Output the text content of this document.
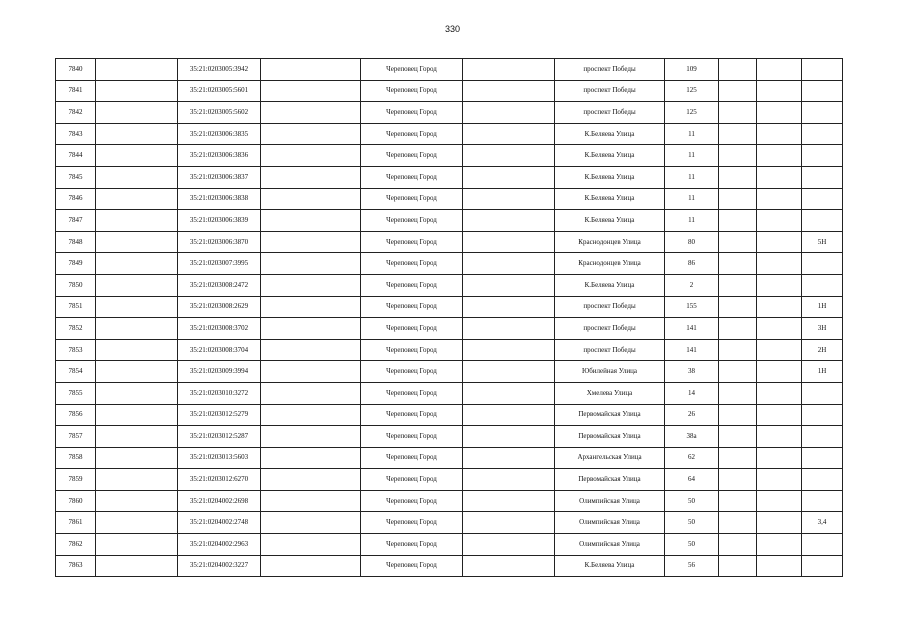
330
7840		35:21:0203005:3942		Череповец Город		проспект Победы	109			
7841		35:21:0203005:5601		Череповец Город		проспект Победы	125			
7842		35:21:0203005:5602		Череповец Город		проспект Победы	125			
7843		35:21:0203006:3835		Череповец Город		К.Беляева Улица	11			
7844		35:21:0203006:3836		Череповец Город		К.Беляева Улица	11			
7845		35:21:0203006:3837		Череповец Город		К.Беляева Улица	11			
7846		35:21:0203006:3838		Череповец Город		К.Беляева Улица	11			
7847		35:21:0203006:3839		Череповец Город		К.Беляева Улица	11			
7848		35:21:0203006:3870		Череповец Город		Краснодонцев Улица	80			5Н
7849		35:21:0203007:3995		Череповец Город		Краснодонцев Улица	86			
7850		35:21:0203008:2472		Череповец Город		К.Беляева Улица	2			
7851		35:21:0203008:2629		Череповец Город		проспект Победы	155			1Н
7852		35:21:0203008:3702		Череповец Город		проспект Победы	141			3Н
7853		35:21:0203008:3704		Череповец Город		проспект Победы	141			2Н
7854		35:21:0203009:3994		Череповец Город		Юбилейная Улица	38			1Н
7855		35:21:0203010:3272		Череповец Город		Хмелева Улица	14			
7856		35:21:0203012:5279		Череповец Город		Первомайская Улица	26			
7857		35:21:0203012:5287		Череповец Город		Первомайская Улица	38а			
7858		35:21:0203013:5603		Череповец Город		Архангельская Улица	62			
7859		35:21:0203012:6270		Череповец Город		Первомайская Улица	64			
7860		35:21:0204002:2698		Череповец Город		Олимпийская Улица	50			
7861		35:21:0204002:2748		Череповец Город		Олимпийская Улица	50			3,4
7862		35:21:0204002:2963		Череповец Город		Олимпийская Улица	50			
7863		35:21:0204002:3227		Череповец Город		К.Беляева Улица	56			
